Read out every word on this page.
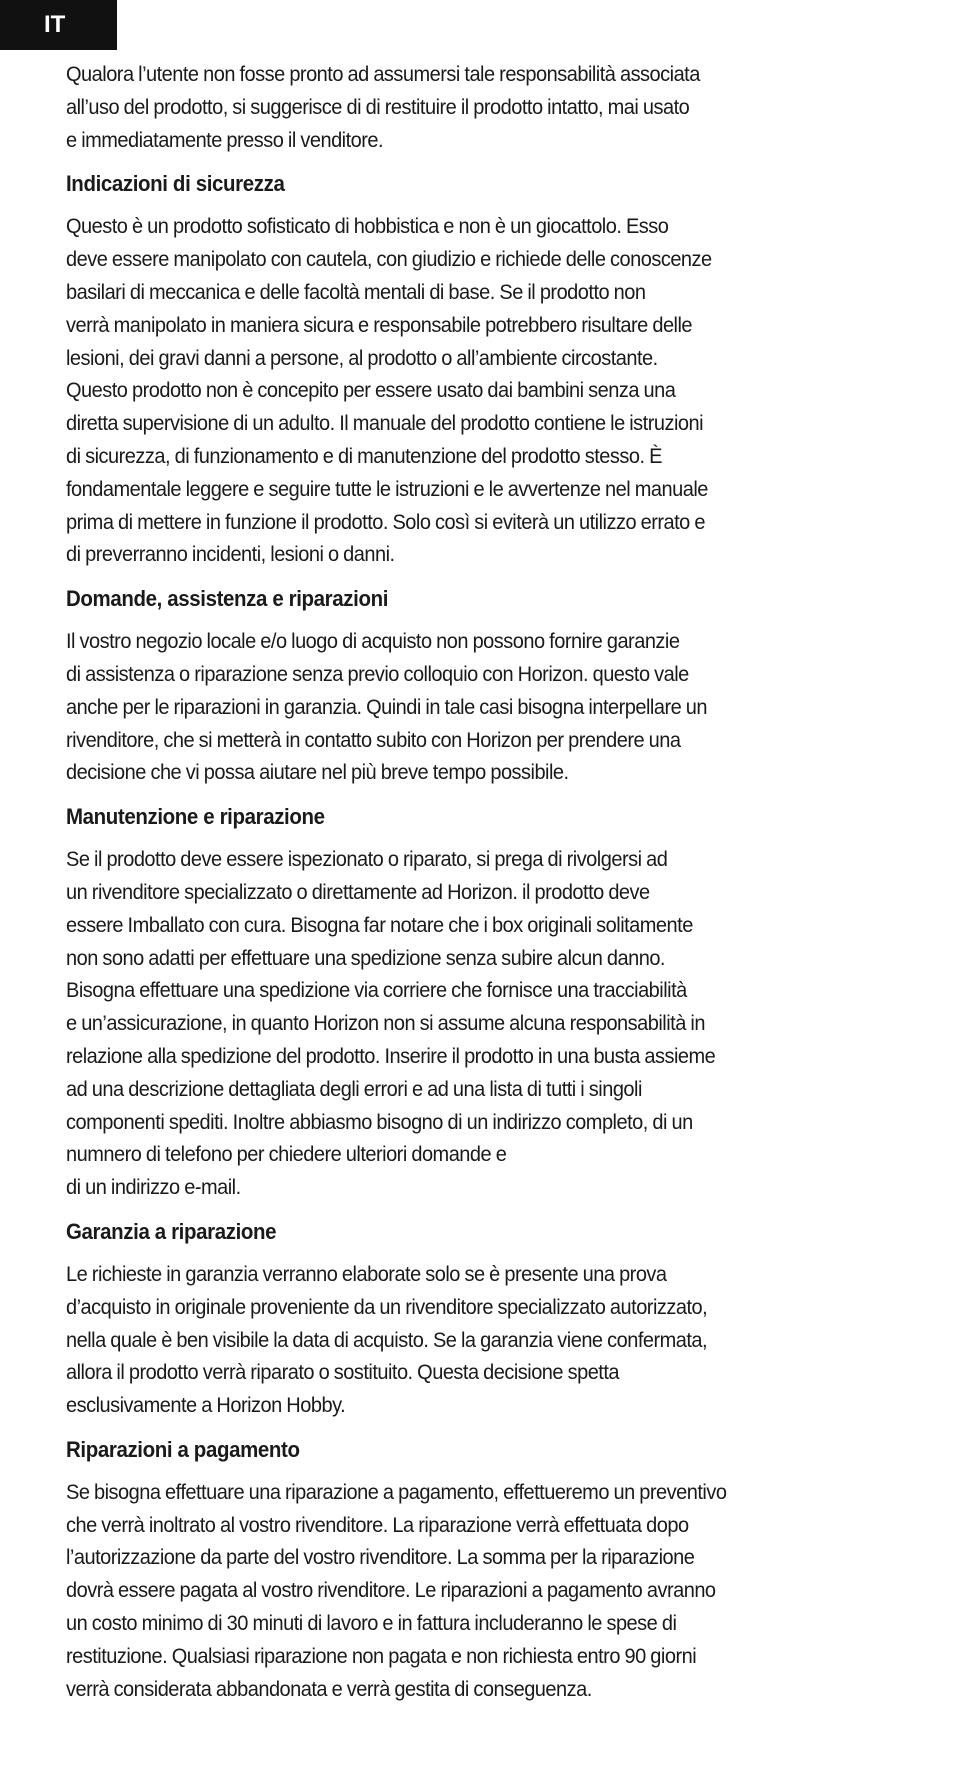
IT
Qualora l’utente non fosse pronto ad assumersi tale responsabilità associata
all’uso del prodotto, si suggerisce di di restituire il prodotto intatto, mai usato
e immediatamente presso il venditore.
Indicazioni di sicurezza
Questo è un prodotto sofisticato di hobbistica e non è un giocattolo. Esso
deve essere manipolato con cautela, con giudizio e richiede delle conoscenze
basilari di meccanica e delle facoltà mentali di base. Se il prodotto non
verrà manipolato in maniera sicura e responsabile potrebbero risultare delle
lesioni, dei gravi danni a persone, al prodotto o all’ambiente circostante.
Questo prodotto non è concepito per essere usato dai bambini senza una
diretta supervisione di un adulto. Il manuale del prodotto contiene le istruzioni
di sicurezza, di funzionamento e di manutenzione del prodotto stesso. È
fondamentale leggere e seguire tutte le istruzioni e le avvertenze nel manuale
prima di mettere in funzione il prodotto. Solo così si eviterà un utilizzo errato e
di preverranno incidenti, lesioni o danni.
Domande, assistenza e riparazioni
Il vostro negozio locale e/o luogo di acquisto non possono fornire garanzie
di assistenza o riparazione senza previo colloquio con Horizon. questo vale
anche per le riparazioni in garanzia. Quindi in tale casi bisogna interpellare un
rivenditore, che si metterà in contatto subito con Horizon per prendere una
decisione che vi possa aiutare nel più breve tempo possibile.
Manutenzione e riparazione
Se il prodotto deve essere ispezionato o riparato, si prega di rivolgersi ad
un rivenditore specializzato o direttamente ad Horizon. il prodotto deve
essere Imballato con cura. Bisogna far notare che i box originali solitamente
non sono adatti per effettuare una spedizione senza subire alcun danno.
Bisogna effettuare una spedizione via corriere che fornisce una tracciabilità
e un’assicurazione, in quanto Horizon non si assume alcuna responsabilità in
relazione alla spedizione del prodotto. Inserire il prodotto in una busta assieme
ad una descrizione dettagliata degli errori e ad una lista di tutti i singoli
componenti spediti. Inoltre abbiasmo bisogno di un indirizzo completo, di un
numnero di telefono per chiedere ulteriori domande e
di un indirizzo e-mail.
Garanzia a riparazione
Le richieste in garanzia verranno elaborate solo se è presente una prova
d’acquisto in originale proveniente da un rivenditore specializzato autorizzato,
nella quale è ben visibile la data di acquisto. Se la garanzia viene confermata,
allora il prodotto verrà riparato o sostituito. Questa decisione spetta
esclusivamente a Horizon Hobby.
Riparazioni a pagamento
Se bisogna effettuare una riparazione a pagamento, effettueremo un preventivo
che verrà inoltrato al vostro rivenditore. La riparazione verrà effettuata dopo
l’autorizzazione da parte del vostro rivenditore. La somma per la riparazione
dovrà essere pagata al vostro rivenditore. Le riparazioni a pagamento avranno
un costo minimo di 30 minuti di lavoro e in fattura includeranno le spese di
restituzione. Qualsiasi riparazione non pagata e non richiesta entro 90 giorni
verrà considerata abbandonata e verrà gestita di conseguenza.
